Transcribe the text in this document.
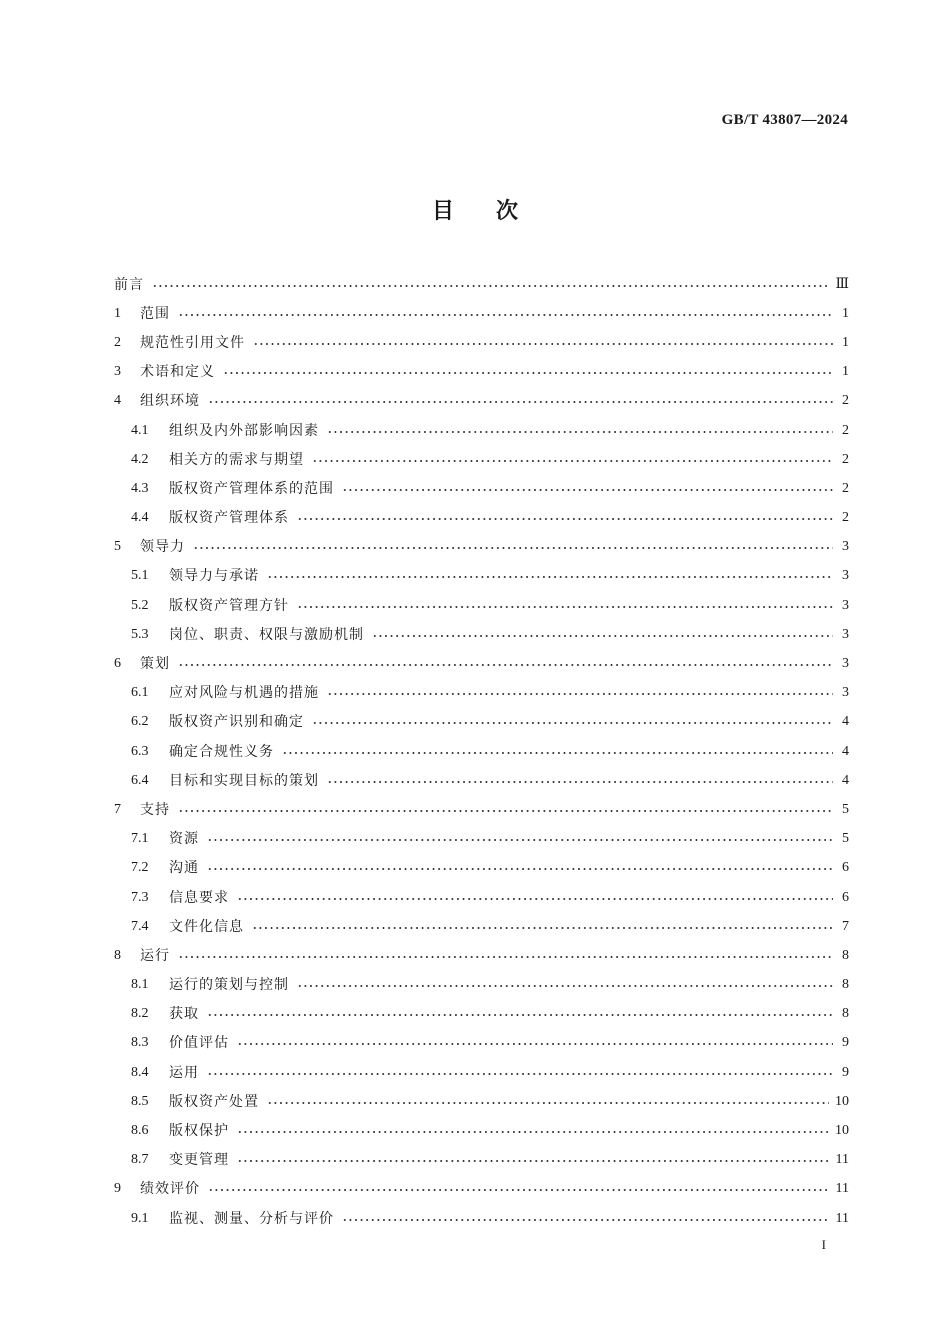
GB/T 43807—2024

目次
前言	Ⅲ
1	范围	1
2	规范性引用文件	1
3	术语和定义	1
4	组织环境	2
4.1	组织及内外部影响因素	2
4.2	相关方的需求与期望	2
4.3	版权资产管理体系的范围	2
4.4	版权资产管理体系	2
5	领导力	3
5.1	领导力与承诺	3
5.2	版权资产管理方针	3
5.3	岗位、职责、权限与激励机制	3
6	策划	3
6.1	应对风险与机遇的措施	3
6.2	版权资产识别和确定	4
6.3	确定合规性义务	4
6.4	目标和实现目标的策划	4
7	支持	5
7.1	资源	5
7.2	沟通	6
7.3	信息要求	6
7.4	文件化信息	7
8	运行	8
8.1	运行的策划与控制	8
8.2	获取	8
8.3	价值评估	9
8.4	运用	9
8.5	版权资产处置	10
8.6	版权保护	10
8.7	变更管理	11
9	绩效评价	11
9.1	监视、测量、分析与评价	11

I
